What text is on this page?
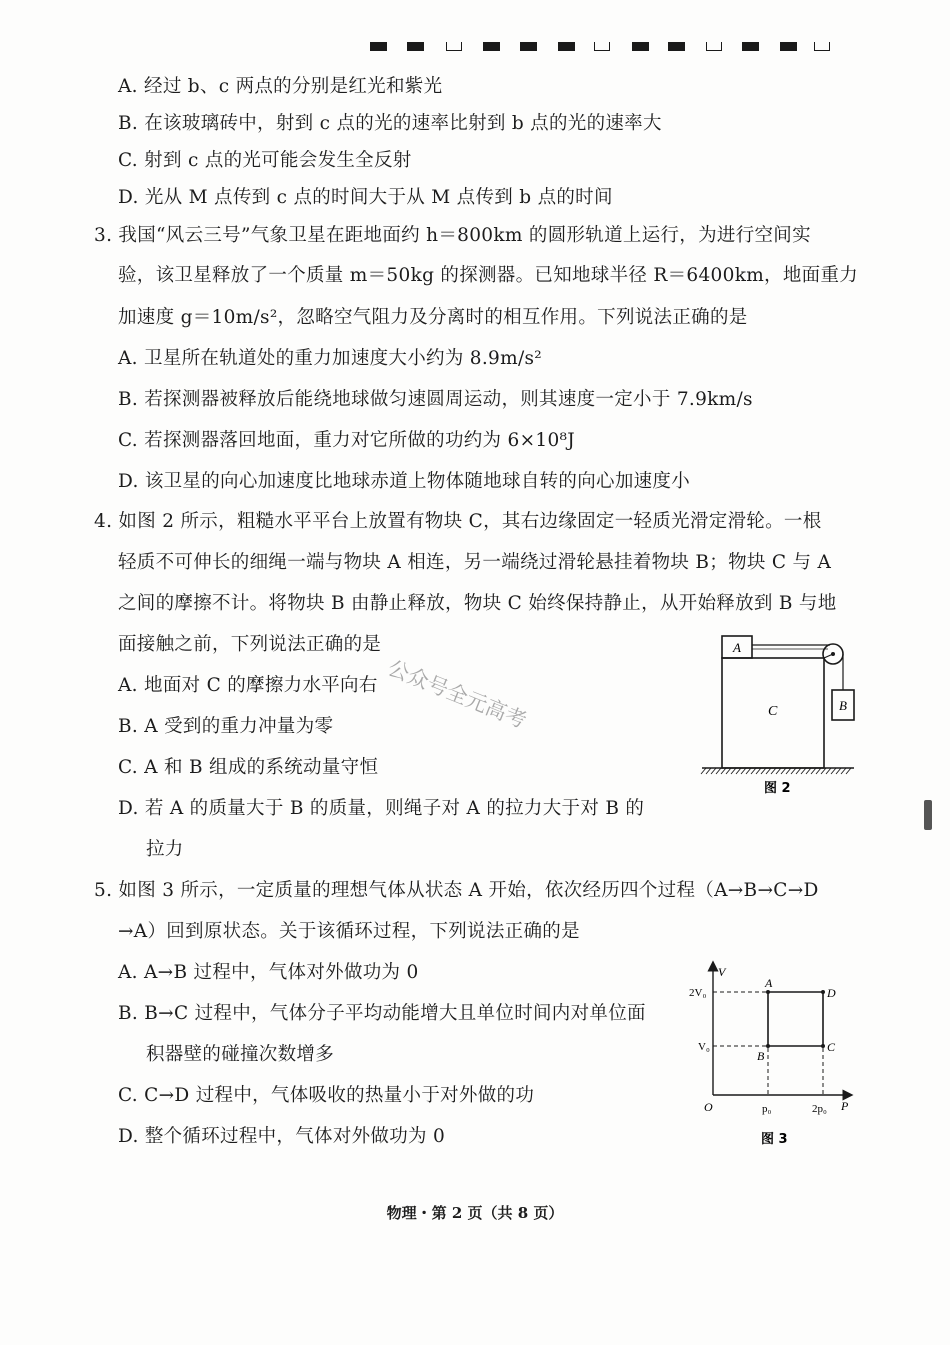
A. 经过 b、c 两点的分别是红光和紫光
B. 在该玻璃砖中，射到 c 点的光的速率比射到 b 点的光的速率大
C. 射到 c 点的光可能会发生全反射
D. 光从 M 点传到 c 点的时间大于从 M 点传到 b 点的时间
3. 我国“风云三号”气象卫星在距地面约 h＝800km 的圆形轨道上运行，为进行空间实
验，该卫星释放了一个质量 m＝50kg 的探测器。已知地球半径 R＝6400km，地面重力
加速度 g＝10m/s²，忽略空气阻力及分离时的相互作用。下列说法正确的是
A. 卫星所在轨道处的重力加速度大小约为 8.9m/s²
B. 若探测器被释放后能绕地球做匀速圆周运动，则其速度一定小于 7.9km/s
C. 若探测器落回地面，重力对它所做的功约为 6×10⁸J
D. 该卫星的向心加速度比地球赤道上物体随地球自转的向心加速度小
4. 如图 2 所示，粗糙水平平台上放置有物块 C，其右边缘固定一轻质光滑定滑轮。一根
轻质不可伸长的细绳一端与物块 A 相连，另一端绕过滑轮悬挂着物块 B；物块 C 与 A
之间的摩擦不计。将物块 B 由静止释放，物块 C 始终保持静止，从开始释放到 B 与地
面接触之前，下列说法正确的是
A. 地面对 C 的摩擦力水平向右
B. A 受到的重力冲量为零
C. A 和 B 组成的系统动量守恒
D. 若 A 的质量大于 B 的质量，则绳子对 A 的拉力大于对 B 的
拉力
5. 如图 3 所示，一定质量的理想气体从状态 A 开始，依次经历四个过程（A→B→C→D
→A）回到原状态。关于该循环过程，下列说法正确的是
A. A→B 过程中，气体对外做功为 0
B. B→C 过程中，气体分子平均动能增大且单位时间内对单位面
积器壁的碰撞次数增多
C. C→D 过程中，气体吸收的热量小于对外做的功
D. 整个循环过程中，气体对外做功为 0
公众号全元高考
A
C	B
图 2
V
P
O
2V₀
V₀
p₀	2p₀
A
B
C
D
图 3
物理・第 2 页（共 8 页）
